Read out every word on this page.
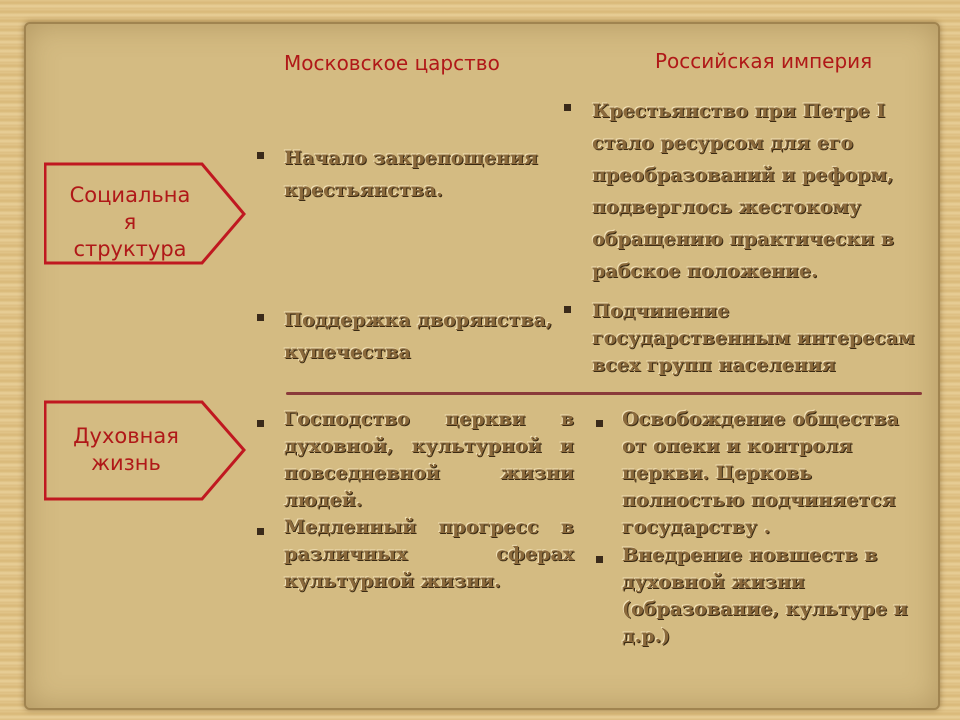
Московское царство	Российская империя
Социальна
я
структура
Духовная
жизнь
Начало закрепощения крестьянства.
Поддержка дворянства, купечества
Крестьянство при Петре I стало ресурсом для его преобразований и реформ, подверглось жестокому обращению практически в рабское положение.
Подчинение государственным интересам всех групп населения
Господство церкви в духовной, культурной и повседневной жизни людей.
Медленный прогресс в различных сферах культурной жизни.
Освобождение общества от опеки и контроля церкви. Церковь полностью подчиняется государству .
Внедрение новшеств в духовной жизни (образование, культуре и д.р.)
